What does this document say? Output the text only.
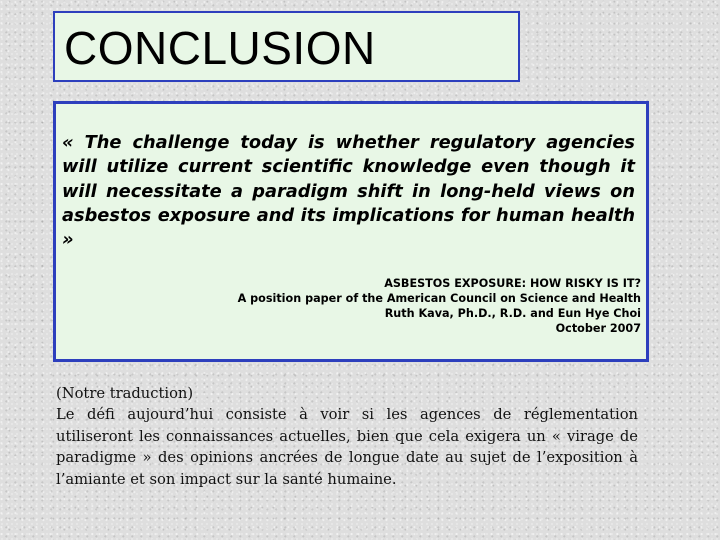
CONCLUSION
« The challenge today is whether regulatory agencies will utilize current scientific knowledge even though it will necessitate a paradigm shift in long-held views on asbestos exposure and its implications for human health »
ASBESTOS EXPOSURE: HOW RISKY IS IT?
A position paper of the American Council on Science and Health
Ruth Kava, Ph.D., R.D. and Eun Hye Choi
October 2007
(Notre traduction)
Le défi aujourd’hui consiste à voir si les agences de réglementation utiliseront les connaissances actuelles, bien que cela exigera un « virage de paradigme » des opinions ancrées de longue date au sujet de l’exposition à l’amiante et son impact sur la santé humaine.
